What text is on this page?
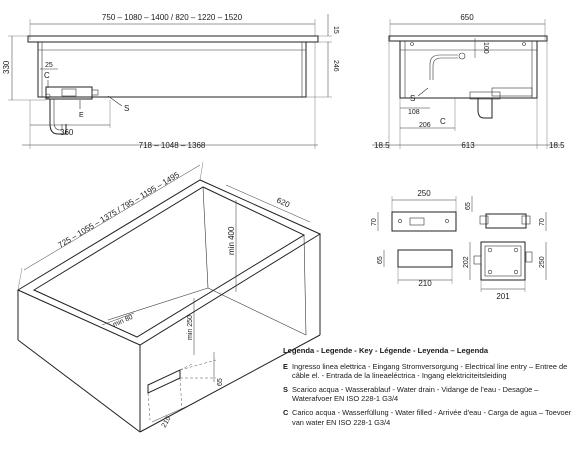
750 – 1080 – 1400 / 820 – 1220 – 1520
15
246
330	25
C
E
S
360
718 – 1048 – 1368
650
100
S
C
108
206
18.5	613	18.5
725 – 1055 – 1375 / 795 – 1195 – 1495	620
min 400
min 80	min 250
210
65
250
70
65
70
65
210
202	250
201
Legenda - Legende - Key - Légende - Leyenda – Legenda
E Ingresso linea elettrica - Eingang Stromversorgung - Electrical line entry – Entree de câble el. - Entrada de la lineaeléctrica - Ingang elektriciteitsleiding
S Scarico acqua - Wasserablauf - Water drain - Vidange de l'eau - Desagüe – Waterafvoer EN ISO 228-1 G3/4
C Carico acqua - Wasserfüllung - Water filled - Arrivée d'eau - Carga de agua – Toevoer van water EN ISO 228-1 G3/4
